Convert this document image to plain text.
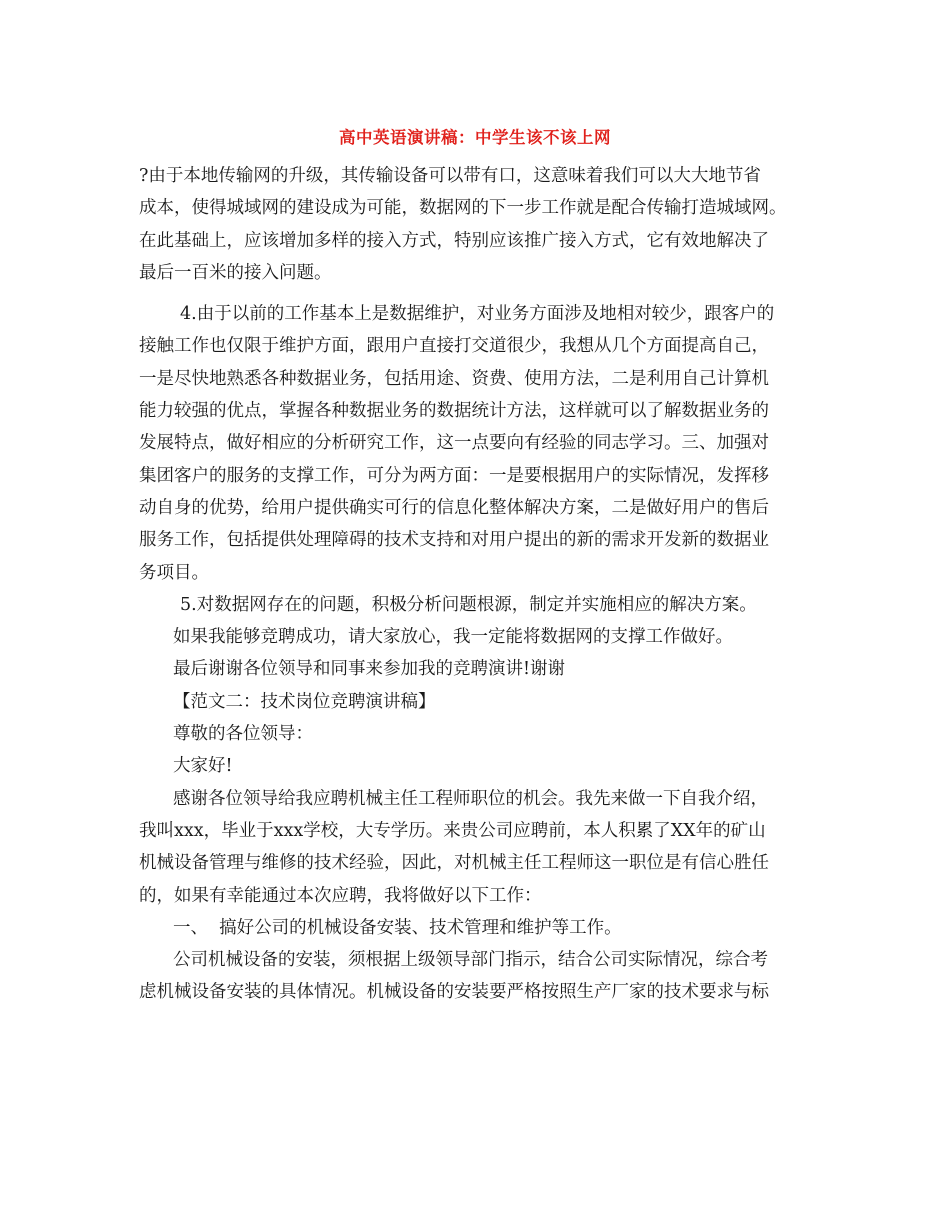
高中英语演讲稿：中学生该不该上网
?由于本地传输网的升级，其传输设备可以带有口，这意味着我们可以大大地节省
成本，使得城域网的建设成为可能，数据网的下一步工作就是配合传输打造城域网。
在此基础上，应该增加多样的接入方式，特别应该推广接入方式，它有效地解决了
最后一百米的接入问题。
4.由于以前的工作基本上是数据维护，对业务方面涉及地相对较少，跟客户的
接触工作也仅限于维护方面，跟用户直接打交道很少，我想从几个方面提高自己，
一是尽快地熟悉各种数据业务，包括用途、资费、使用方法，二是利用自己计算机
能力较强的优点，掌握各种数据业务的数据统计方法，这样就可以了解数据业务的
发展特点，做好相应的分析研究工作，这一点要向有经验的同志学习。三、加强对
集团客户的服务的支撑工作，可分为两方面：一是要根据用户的实际情况，发挥移
动自身的优势，给用户提供确实可行的信息化整体解决方案，二是做好用户的售后
服务工作，包括提供处理障碍的技术支持和对用户提出的新的需求开发新的数据业
务项目。
5.对数据网存在的问题，积极分析问题根源，制定并实施相应的解决方案。
如果我能够竞聘成功，请大家放心，我一定能将数据网的支撑工作做好。
最后谢谢各位领导和同事来参加我的竞聘演讲!谢谢
【范文二：技术岗位竞聘演讲稿】
尊敬的各位领导：
大家好!
感谢各位领导给我应聘机械主任工程师职位的机会。我先来做一下自我介绍，
我叫xxx，毕业于xxx学校，大专学历。来贵公司应聘前，本人积累了XX年的矿山
机械设备管理与维修的技术经验，因此，对机械主任工程师这一职位是有信心胜任
的，如果有幸能通过本次应聘，我将做好以下工作：
一、  搞好公司的机械设备安装、技术管理和维护等工作。
公司机械设备的安装，须根据上级领导部门指示，结合公司实际情况，综合考
虑机械设备安装的具体情况。机械设备的安装要严格按照生产厂家的技术要求与标
